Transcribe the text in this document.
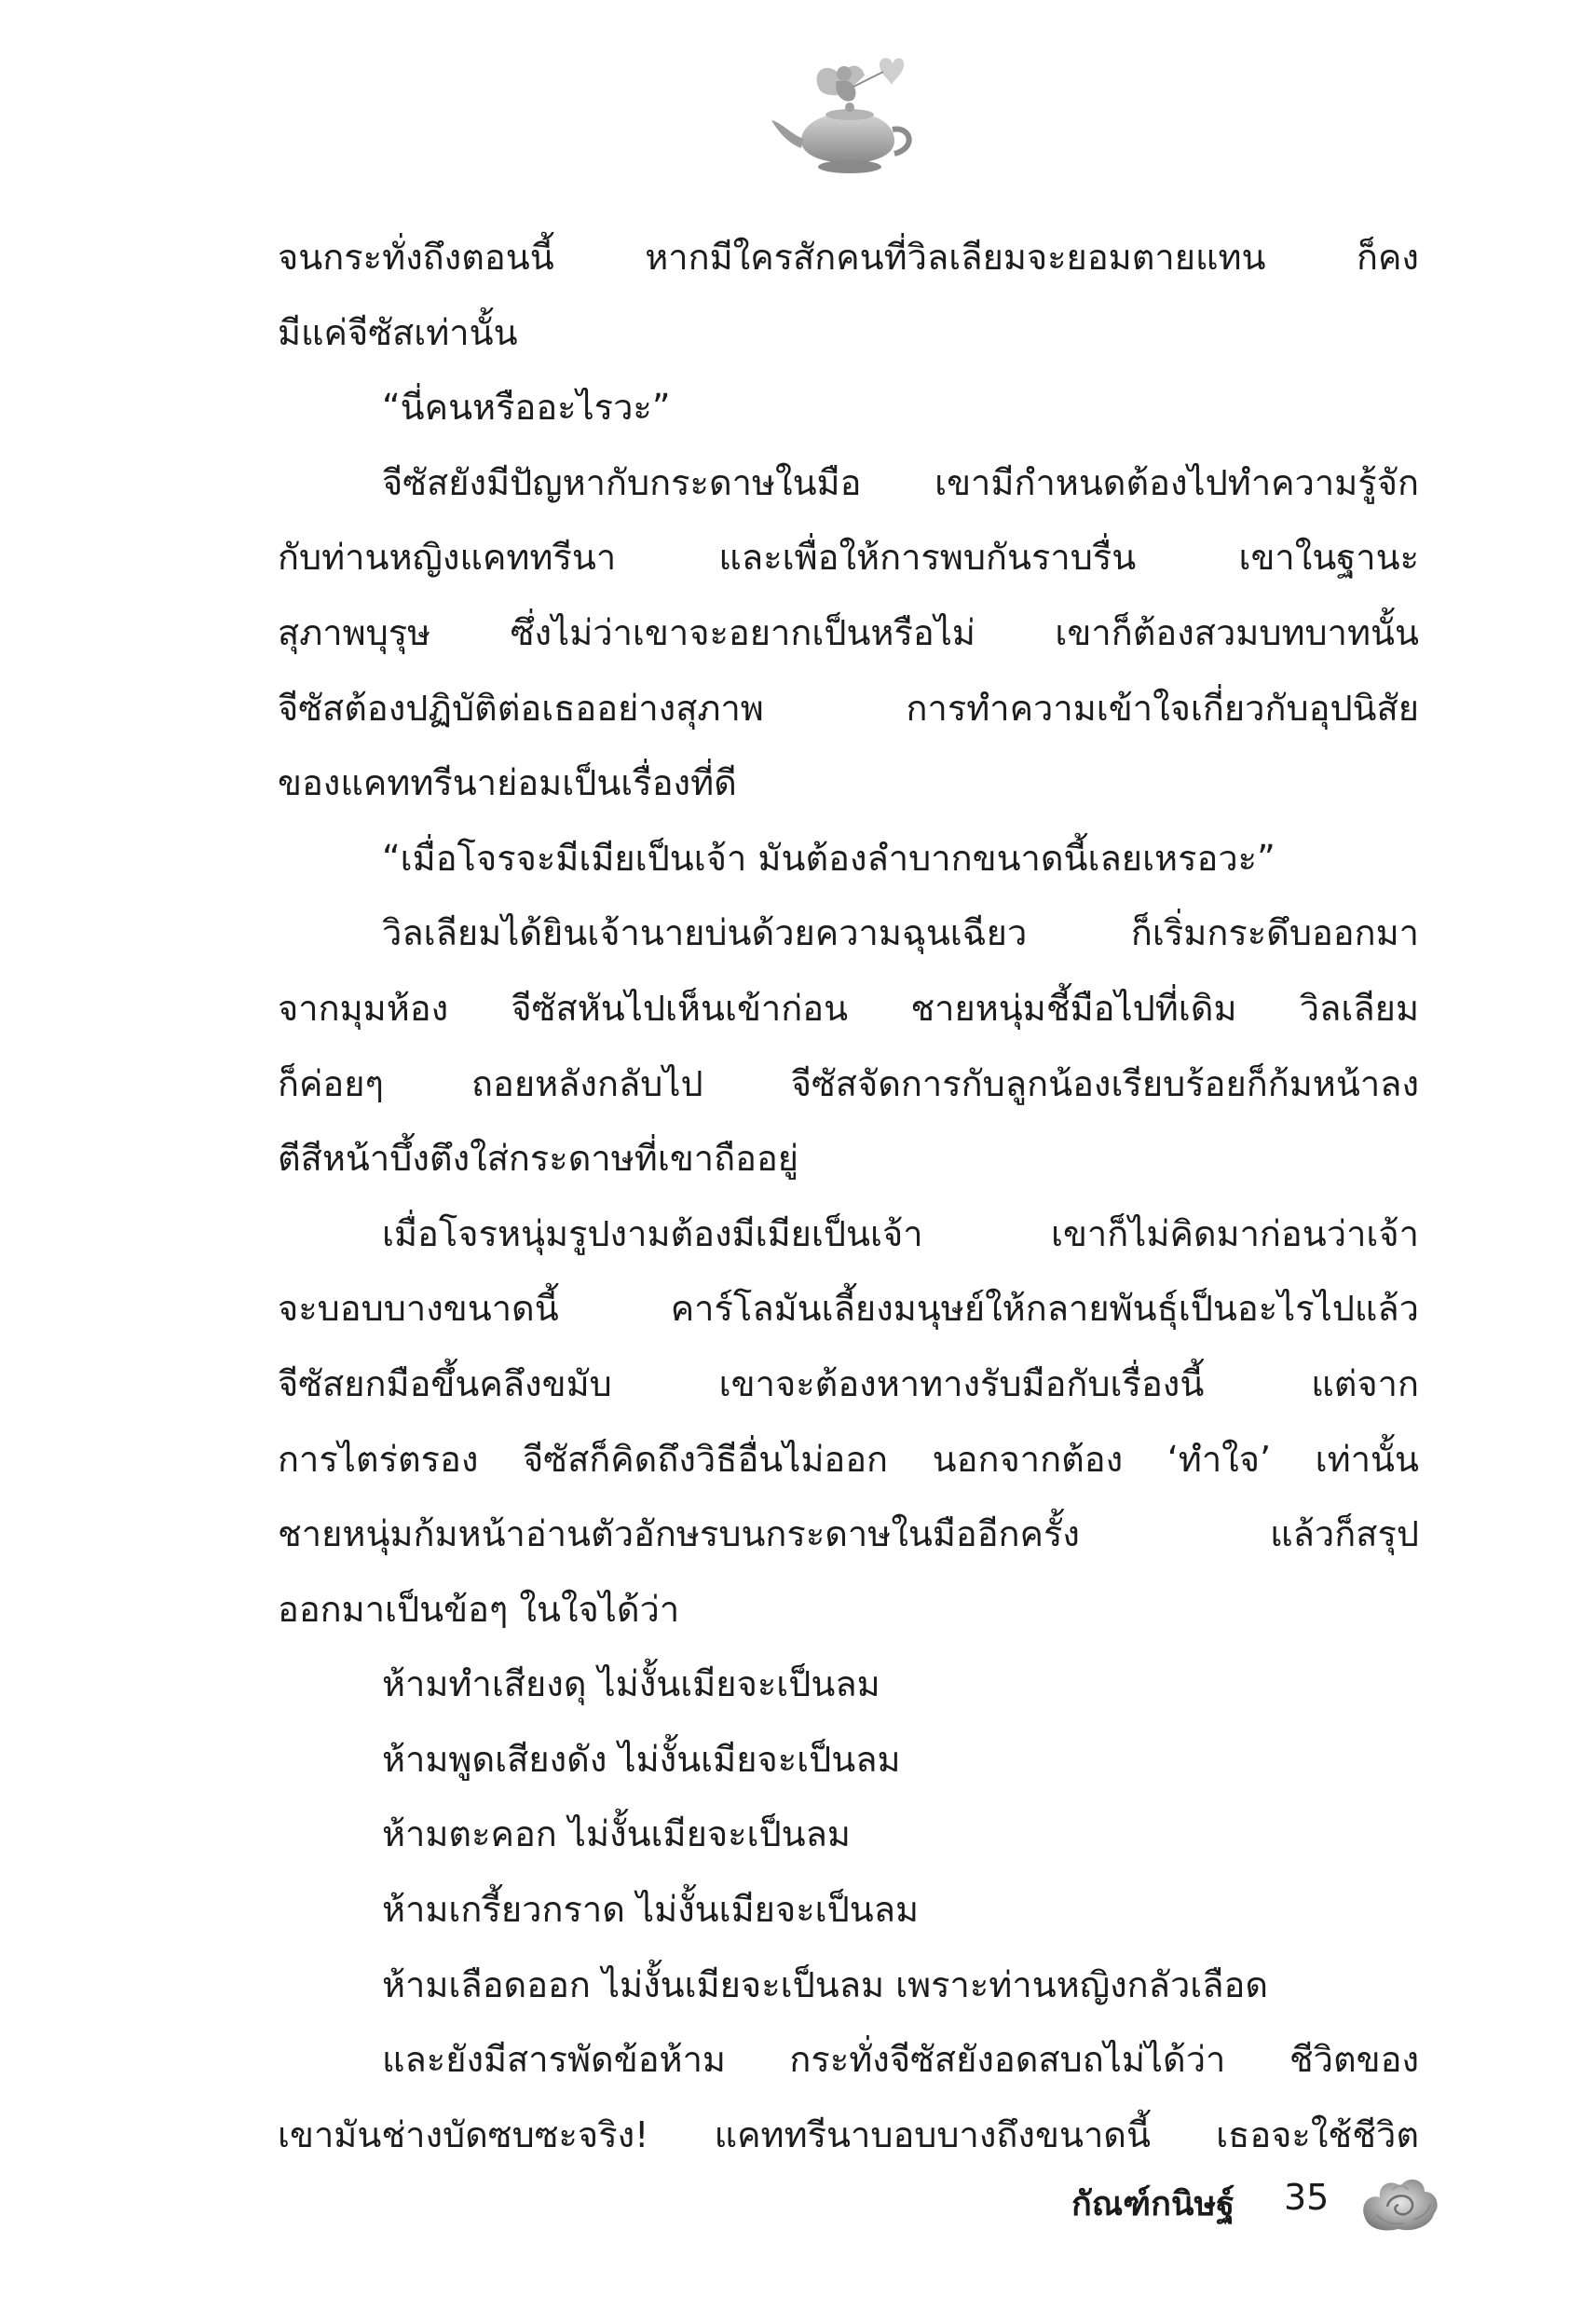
จนกระทั่งถึงตอนนี้ หากมีใครสักคนที่วิลเลียมจะยอมตายแทน ก็คง
มีแค่จีซัสเท่านั้น
“นี่คนหรืออะไรวะ”
จีซัสยังมีปัญหากับกระดาษในมือ เขามีกำหนดต้องไปทำความรู้จัก
กับท่านหญิงแคททรีนา และเพื่อให้การพบกันราบรื่น เขาในฐานะ
สุภาพบุรุษ ซึ่งไม่ว่าเขาจะอยากเป็นหรือไม่ เขาก็ต้องสวมบทบาทนั้น
จีซัสต้องปฏิบัติต่อเธออย่างสุภาพ การทำความเข้าใจเกี่ยวกับอุปนิสัย
ของแคททรีนาย่อมเป็นเรื่องที่ดี
“เมื่อโจรจะมีเมียเป็นเจ้า มันต้องลำบากขนาดนี้เลยเหรอวะ”
วิลเลียมได้ยินเจ้านายบ่นด้วยความฉุนเฉียว ก็เริ่มกระดึบออกมา
จากมุมห้อง จีซัสหันไปเห็นเข้าก่อน ชายหนุ่มชี้มือไปที่เดิม วิลเลียม
ก็ค่อยๆ ถอยหลังกลับไป จีซัสจัดการกับลูกน้องเรียบร้อยก็ก้มหน้าลง
ตีสีหน้าบึ้งตึงใส่กระดาษที่เขาถืออยู่
เมื่อโจรหนุ่มรูปงามต้องมีเมียเป็นเจ้า เขาก็ไม่คิดมาก่อนว่าเจ้า
จะบอบบางขนาดนี้ คาร์โลมันเลี้ยงมนุษย์ให้กลายพันธุ์เป็นอะไรไปแล้ว
จีซัสยกมือขึ้นคลึงขมับ เขาจะต้องหาทางรับมือกับเรื่องนี้ แต่จาก
การไตร่ตรอง จีซัสก็คิดถึงวิธีอื่นไม่ออก นอกจากต้อง ‘ทำใจ’ เท่านั้น
ชายหนุ่มก้มหน้าอ่านตัวอักษรบนกระดาษในมืออีกครั้ง แล้วก็สรุป
ออกมาเป็นข้อๆ ในใจได้ว่า
ห้ามทำเสียงดุ ไม่งั้นเมียจะเป็นลม
ห้ามพูดเสียงดัง ไม่งั้นเมียจะเป็นลม
ห้ามตะคอก ไม่งั้นเมียจะเป็นลม
ห้ามเกรี้ยวกราด ไม่งั้นเมียจะเป็นลม
ห้ามเลือดออก ไม่งั้นเมียจะเป็นลม เพราะท่านหญิงกลัวเลือด
และยังมีสารพัดข้อห้าม กระทั่งจีซัสยังอดสบถไม่ได้ว่า ชีวิตของ
เขามันช่างบัดซบซะจริง! แคททรีนาบอบบางถึงขนาดนี้ เธอจะใช้ชีวิต
กัณฑ์กนิษฐ์ 35
